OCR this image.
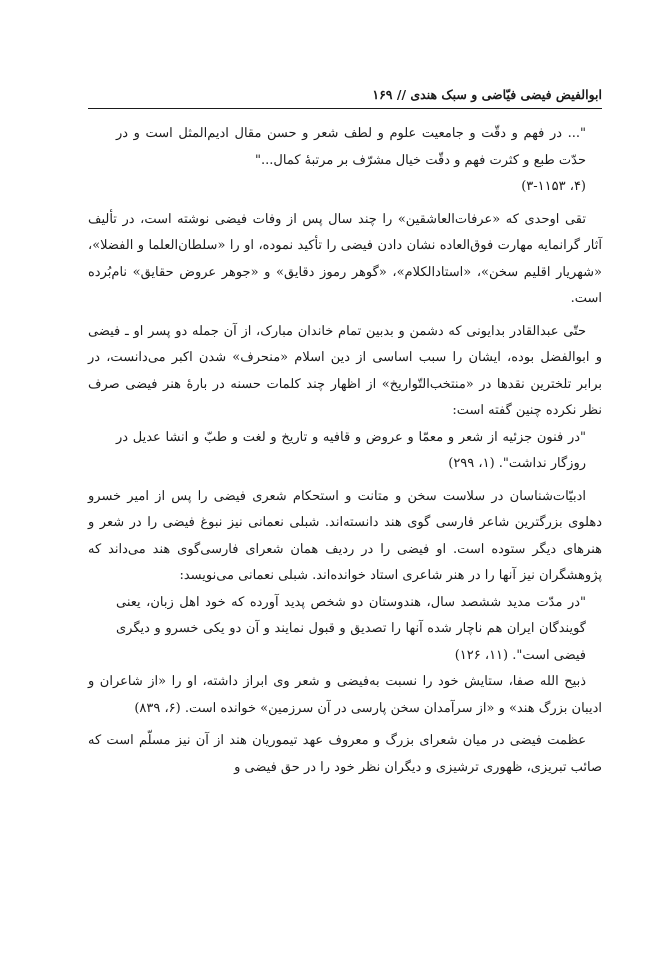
ابوالفیض فیضی فیّاضی و سبک هندی // ۱۶۹

"... در فهم و دقّت و جامعیت علوم و لطف شعر و حسن مقال ادیم‌المثل است و در حدّت طبع و کثرت فهم و دقّت خیال مشرّف بر مرتبهٔ کمال..."
(۴، ۳-۱۱۵۳)

تقی اوحدی که «عرفات‌العاشقین» را چند سال پس از وفات فیضی نوشته است، در تألیف آثار گرانمایه مهارت فوق‌العاده نشان دادن فیضی را تأکید نموده، او را «سلطان‌العلما و الفضلا»، «شهریار اقلیم سخن»، «استادالکلام»، «گوهر رموز دقایق» و «جوهر عروض حقایق» نام‌بُرده است.

حتّی عبدالقادر بدایونی که دشمن و بدبین تمام خاندان مبارک، از آن جمله دو پسر او ـ فیضی و ابوالفضل بوده، ایشان را سبب اساسی از دین اسلام «منحرف» شدن اکبر می‌دانست، در برابر تلخترین نقدها در «منتخب‌التّواریخ» از اظهار چند کلمات حسنه در بارهٔ هنر فیضی صرف نظر نکرده چنین گفته است:

"در فنون جزئیه از شعر و معمّا و عروض و قافیه و تاریخ و لغت و طبّ و انشا عدیل در روزگار نداشت". (۱، ۲۹۹)

ادبیّات‌شناسان در سلاست سخن و متانت و استحکام شعری فیضی را پس از امیر خسرو دهلوی بزرگترین شاعر فارسی گوی هند دانسته‌اند. شبلی نعمانی نیز نبوغ فیضی را در شعر و هنرهای دیگر ستوده است. او فیضی را در ردیف همان شعرای فارسی‌گوی هند می‌داند که پژوهشگران نیز آنها را در هنر شاعری استاد خوانده‌اند. شبلی نعمانی می‌نویسد:

"در مدّت مدید ششصد سال، هندوستان دو شخص پدید آورده که خود اهل زبان، یعنی گویندگان ایران هم ناچار شده آنها را تصدیق و قبول نمایند و آن دو یکی خسرو و دیگری فیضی است". (۱۱، ۱۲۶)

ذبیح الله صفا، ستایش خود را نسبت به‌فیضی و شعر وی ابراز داشته، او را «از شاعران و ادیبان بزرگ هند» و «از سرآمدان سخن پارسی در آن سرزمین» خوانده است. (۶، ۸۳۹)

عظمت فیضی در میان شعرای بزرگ و معروف عهد تیموریان هند از آن نیز مسلّم است که صائب تبریزی، ظهوری ترشیزی و دیگران نظر خود را در حق فیضی و
